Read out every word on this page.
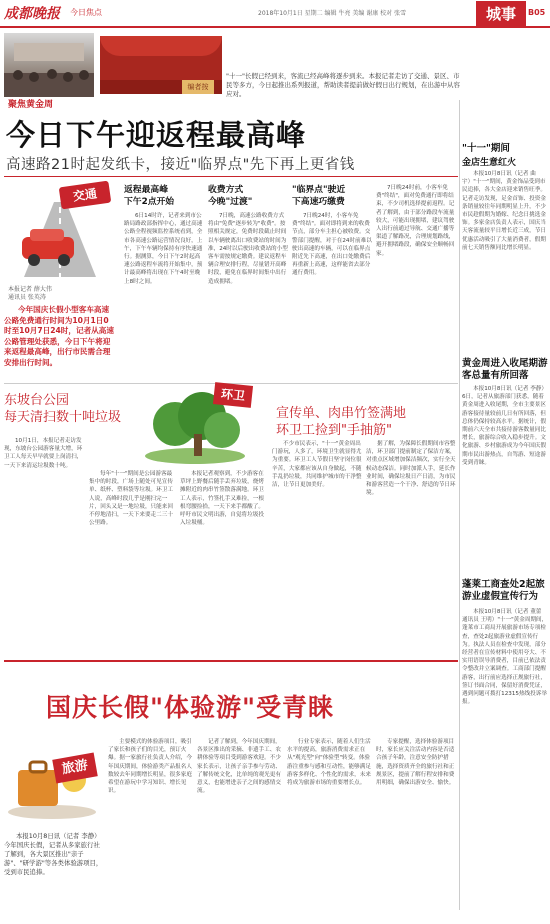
成都晚报 今日焦点	2018年10月1日 星期二 编辑 牛亮 美编 谢康 校对 张雪	城事	B05
聚焦黄金周
编者按
"十一"长假已经到来，客流已经高峰将逐步到来。本报记者走访了交通、景区、市民等多方，今日起推出系列报道，帮助读者提前做好假日出行规划，在出游中从容应对。
"十一"期间
金店生意红火
本报10月8日讯（记者 曲宇）"十一"期间，黄金饰品受到市民追捧，各大金店迎来销售旺季。记者走访发现，足金首饰、投资金条销量较往年同期明显上升，不少市民趁假期为婚嫁、纪念日挑选金饰。多家金店负责人表示，国庆当天客流量较平日增长近三成，节日优惠活动吸引了大量消费者，假期前七天销售额同比增长明显。
黄金周进入收尾期游客总量有所回落
本报10月8日讯（记者 李静）6日，记者从旅游部门获悉，随着黄金周进入收尾期，全市主要景区游客接待量较前几日有所回落，但总体仍保持较高水平。据统计，假期前六天全市共接待游客数量同比增长，旅游综合收入稳步提升。文化旅游、乡村旅游成为今年国庆假期市民出游热点，自驾游、短途游受到青睐。
蓬莱工商查处2起旅游业虚假宣传行为
本报10月8日讯（记者 董蕾 通讯员 王明）"十一"黄金周期间，蓬莱市工商局开展旅游市场专项检查，查处2起旅游业虚假宣传行为。执法人员在检查中发现，部分经营者在宣传材料中使用夸大、不实用语误导消费者，目前已依法责令整改并立案调查。工商部门提醒游客，出行前应选择正规旅行社，签订书面合同，保留好消费凭证，遇到问题可拨打12315热线投诉举报。
今日下午迎返程最高峰
高速路21时起发纸卡，接近"临界点"先下再上更省钱
交通
本报记者 薛大伟
通讯员 张英涛
今年国庆长假小型客车高速公路免费通行时间为10月1日0时至10月7日24时，记者从高速公路管理处获悉，今日下午将迎来返程最高峰，出行市民需合理安排出行时间。
返程最高峰
下午2点开始
6日14时许，记者来到市公路局路政部指挥中心，通过高速公路全程视频监控系统看到，全市各高速公路运营情况良好，上午，下午车辆均保持有序快速通行。据测算，今日下午2时起高速公路返程车流将开始集中，预计最高峰将出现在下午4时至晚上8时之间。
收费方式
今晚"过渡"
7日晚，高速公路收费方式将由"免费"逐步转为"收费"。按照相关规定，免费时段截止时间以车辆驶离出口收费站的时间为准，24时以后驶出收费站的小型客车需按规定缴费。建议返程车辆合理安排行程，尽量错开高峰时段，避免在临界时间集中出行造成拥堵。
"临界点"驶近
下高速巧缴费
7日晚24时，小客车免费"终结"。面对即将到来的收费节点，部分车主担心被收费。交警部门提醒，对于在24时前难以驶出高速的车辆，可以在临界点附近先下高速，在出口处缴费后再重新上高速，这样能省去部分通行费用。
7日晚24时前，小客车免费"终结"，面对免费通行即将结束，不少司机选择提前返程。记者了解到，由于部分路段车流量较大，可能出现拥堵，建议驾驶人出行前通过导航、交通广播等渠道了解路况，合理规划路线，避开拥堵路段，确保安全顺畅回家。
东坡台公园
每天清扫数十吨垃圾
环卫
宣传单、肉串竹签满地
环卫工捡到"手抽筋"
10月1日，本报记者走访发现，东坡台公园游客量大增，环卫工人每天早早就要上岗清扫，一天下来清运垃圾数十吨。
每年"十一"期间是公园游客最集中的时段，广场上随处可见宣传单、纸杯、塑料袋等垃圾。环卫工人说，高峰时段几乎是刚扫完一片，回头又是一地垃圾，只能来回不停地清扫，一天下来要走二三十公里路。
本报记者观察到，不少游客在草坪上野餐后随手丢弃垃圾，烧烤摊附近的肉串竹签散落满地。环卫工人表示，竹签扎手又难捡，一根根弯腰捡拾，一天下来手都酸了。呼吁市民文明出游，自觉将垃圾投入垃圾桶。
不少市民表示，"十一"黄金周出门游玩，人多了，环境卫生就显得尤为重要。环卫工人节假日坚守岗位很辛苦，大家都应该从自身做起，不随手乱扔垃圾，共同维护城市的干净整洁，让节日更加美好。
据了解，为保障长假期间市容整洁，环卫部门提前制定了保洁方案，对重点区域增加保洁频次，实行全天候动态保洁。同时加派人手，延长作业时间，确保垃圾日产日清，为市民和游客营造一个干净、舒适的节日环境。
国庆长假"体验游"受青睐
旅游
本报10月8日讯（记者 李静）今年国庆长假，记者从多家旅行社了解到，各大景区推出"亲子游"、"研学游"等各类体验游项目，受到市民追捧。
主要模式的体验游项目，吸引了家长和孩子们的目光，预订火爆。据一家旅行社负责人介绍，今年国庆期间，体验游类产品报名人数较去年同期增长明显，很多家庭希望在游玩中学习知识、增长见识。
记者了解到，今年国庆期间，各景区推出的采摘、非遗手工、农耕体验等项目受到游客欢迎。不少家长表示，让孩子亲手参与劳动、了解传统文化，比单纯的观光更有意义，也能增进亲子之间的感情交流。
行业专家表示，随着人们生活水平的提高，旅游消费需求正在从"观光型"向"体验型"转变。体验游注重参与感和互动性，能够满足游客多样化、个性化的需求，未来将成为旅游市场的重要增长点。
专家提醒，选择体验游项目时，家长应关注活动内容是否适合孩子年龄，注意安全防护措施，选择资质齐全的旅行社和正规景区，提前了解行程安排和费用明细，确保出游安全、愉快。
